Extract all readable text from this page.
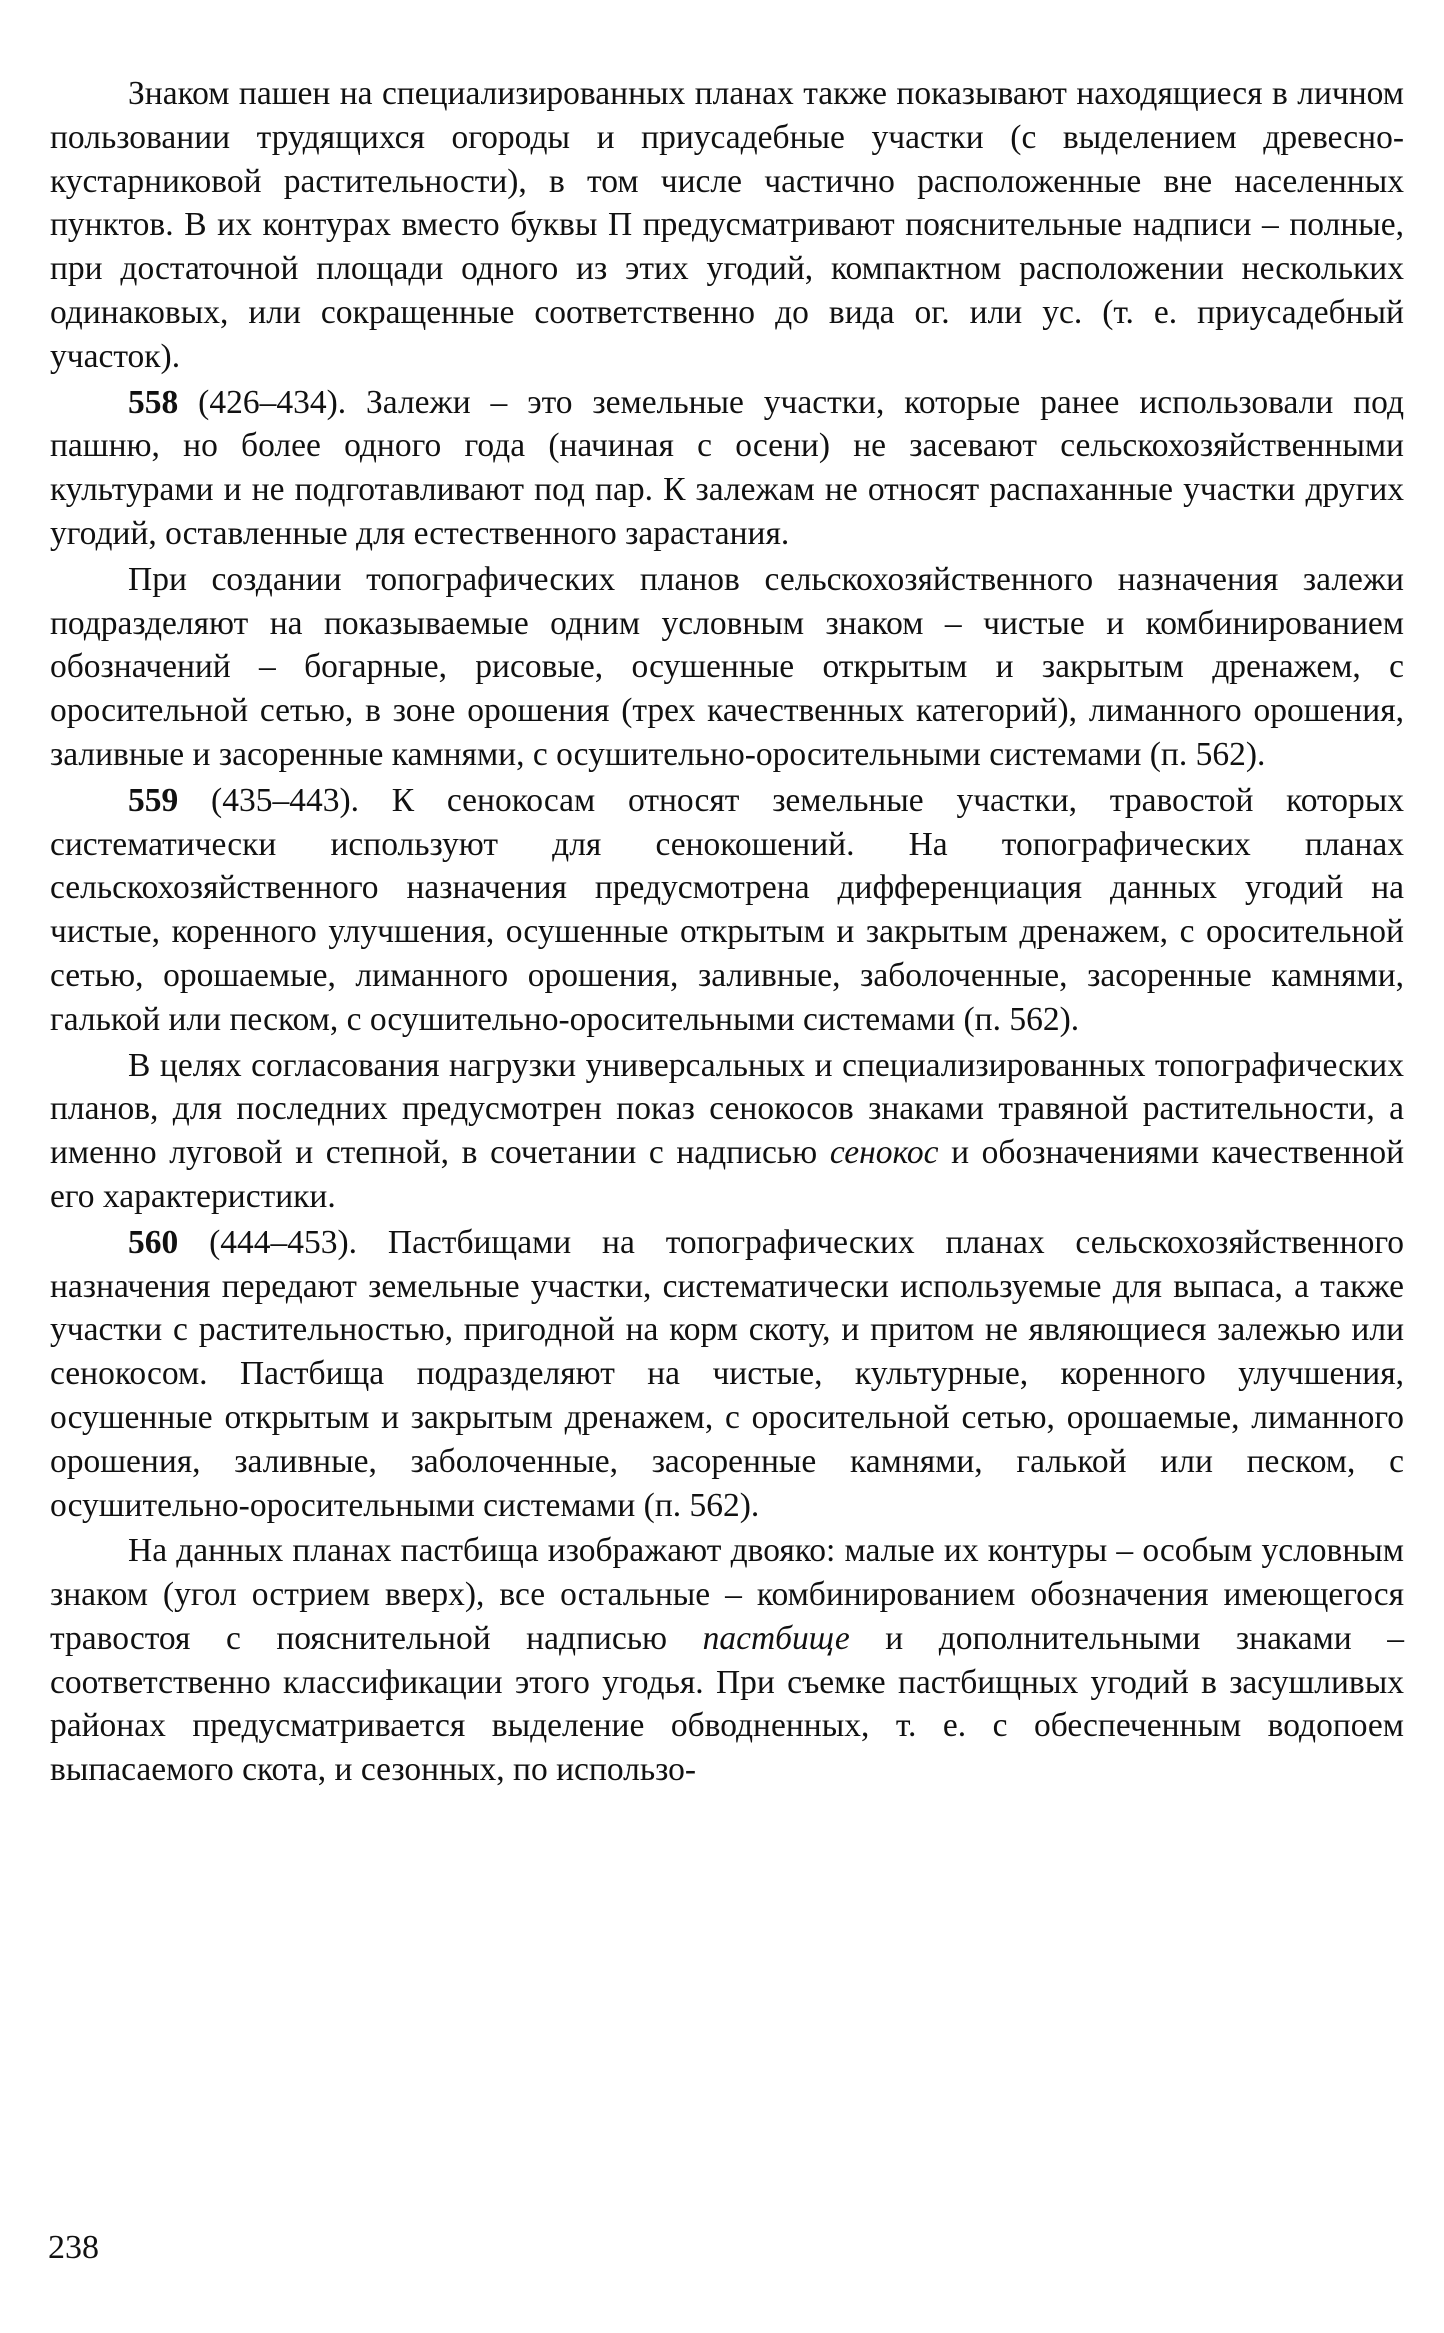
Знаком пашен на специализированных планах также показывают находящиеся в личном пользовании трудящихся огороды и приусадебные участки (с выделением древесно-кустарниковой растительности), в том числе частично расположенные вне населенных пунктов. В их контурах вместо буквы П предусматривают пояснительные надписи – полные, при достаточной площади одного из этих угодий, компактном расположении нескольких одинаковых, или сокращенные соответственно до вида ог. или ус. (т. е. приусадебный участок).

558 (426–434). Залежи – это земельные участки, которые ранее использовали под пашню, но более одного года (начиная с осени) не засевают сельскохозяйственными культурами и не подготавливают под пар. К залежам не относят распаханные участки других угодий, оставленные для естественного зарастания.

При создании топографических планов сельскохозяйственного назначения залежи подразделяют на показываемые одним условным знаком – чистые и комбинированием обозначений – богарные, рисовые, осушенные открытым и закрытым дренажем, с оросительной сетью, в зоне орошения (трех качественных категорий), лиманного орошения, заливные и засоренные камнями, с осушительно-оросительными системами (п. 562).

559 (435–443). К сенокосам относят земельные участки, травостой которых систематически используют для сенокошений. На топографических планах сельскохозяйственного назначения предусмотрена дифференциация данных угодий на чистые, коренного улучшения, осушенные открытым и закрытым дренажем, с оросительной сетью, орошаемые, лиманного орошения, заливные, заболоченные, засоренные камнями, галькой или песком, с осушительно-оросительными системами (п. 562).

В целях согласования нагрузки универсальных и специализированных топографических планов, для последних предусмотрен показ сенокосов знаками травяной растительности, а именно луговой и степной, в сочетании с надписью сенокос и обозначениями качественной его характеристики.

560 (444–453). Пастбищами на топографических планах сельскохозяйственного назначения передают земельные участки, систематически используемые для выпаса, а также участки с растительностью, пригодной на корм скоту, и притом не являющиеся залежью или сенокосом. Пастбища подразделяют на чистые, культурные, коренного улучшения, осушенные открытым и закрытым дренажем, с оросительной сетью, орошаемые, лиманного орошения, заливные, заболоченные, засоренные камнями, галькой или песком, с осушительно-оросительными системами (п. 562).

На данных планах пастбища изображают двояко: малые их контуры – особым условным знаком (угол острием вверх), все остальные – комбинированием обозначения имеющегося травостоя с пояснительной надписью пастбище и дополнительными знаками – соответственно классификации этого угодья. При съемке пастбищных угодий в засушливых районах предусматривается выделение обводненных, т. е. с обеспеченным водопоем выпасаемого скота, и сезонных, по использо-

238
